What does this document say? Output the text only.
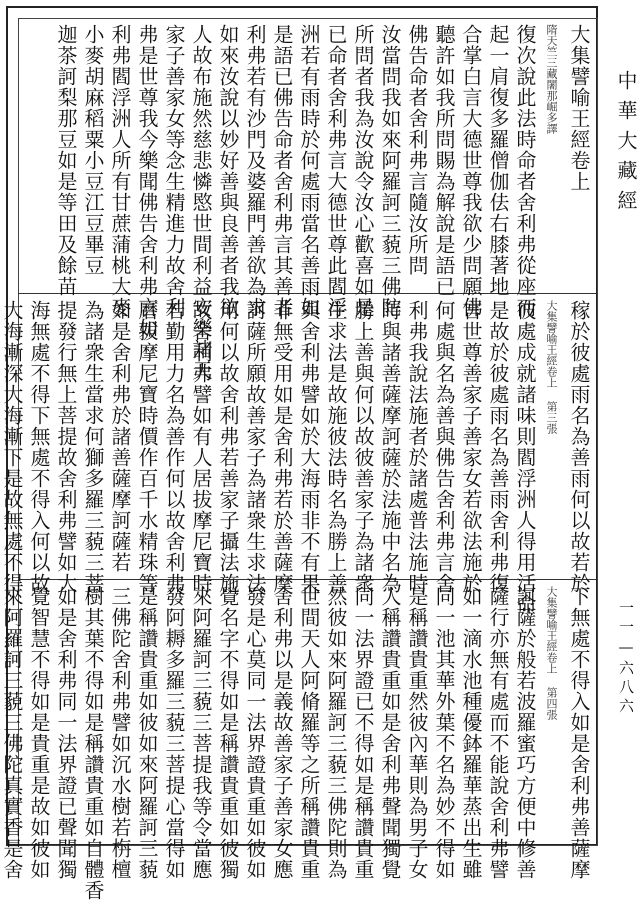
大集譬喻王經卷上
隋天竺三藏闍那崛多譯
復次說此法時命者舍利弗從座而
起一肩復多羅僧伽佉右膝著地
合掌白言大德世尊我欲少問願佛
聽許如我所問賜為解說是語已
佛告命者舍利弗言隨汝所問
汝當問我如來阿羅訶三藐三佛陀
所問者我為汝說令汝心歡喜如是
已命者舍利弗言大德世尊此閻浮
洲若有雨時於何處雨當名善雨如
是語已佛告命者舍利弗言其善者
利弗若有沙門及婆羅門善欲為求
如來汝說以妙好善與良善者我欲
人故布施然慈悲憐愍世間利益安樂諸天
家子善家女等念生精進力故舍利
弗是世尊我今樂聞佛告舍利弗言如
利弗閻浮洲人所有甘蔗蒲桃大麥
小麥胡麻稻粟小豆江豆畢豆
迦茶訶梨那豆如是等田及餘苗
稼於彼處雨名為善雨何以故若於
大集譬喻王經卷上 第三張
彼處成就諸味則閻浮洲人得用活命
是故於彼處雨名為善雨舍利弗復
言世尊善家子善家女若欲法施於
何處與名為善與佛告舍利弗言舍
利弗我說法施者於諸處普法施時
時與諸善薩摩訶薩於法施中名為
勝上善與何以故彼善家子為諸衆
生求法是故施彼法時名為勝上善
與舍利弗譬如於大海雨非不有果
非無受用如是舍利弗若於善薩摩
訶薩所願故善家子為諸衆生求法
用何以故舍利弗若善家子攝法施
故舍利弗譬如有人居拔摩尼寶時
若勤用力名為善作何以故舍利弗
磨拔摩尼寶時價作百千水精珠等
如是舍利弗於諸善薩摩訶薩若
為諸衆生當求何獅多羅三藐三菩
提發行無上菩提故舍利弗譬如大
海無處不得下無處不得入何以故
大海漸深大海漸下是故無處不得
下無處不得入如是舍利弗善薩摩
大集譬喻王經卷上 第四張
訶薩於般若波羅蜜巧方便中修善
薩行亦無有處而不能說舍利弗譬
如一滴水池種優鉢羅華蒸出生雖
同一池其華外葉不名為妙不得如
是稱讚貴重然彼內華則為男子女
人稱讚貴重如是舍利弗聲聞獨覺
同一法界證已不得如是稱讚貴重
然彼如來阿羅訶三藐三佛陀則為
世間天人阿脩羅等之所稱讚貴重
舍利弗以是義故善家子善家女應
發是心莫同一法界證貴重如彼如
覺名字不得如是稱讚貴重如彼獨
來阿羅訶三藐三菩提我等令當應
發阿耨多羅三藐三菩提心當得如
是稱讚貴重如彼如來阿羅訶三藐
三佛陀舍利弗譬如沉水樹若栴檀
樹其葉不得如是稱讚貴重如自體香
如是舍利弗同一法界證已聲聞獨
覺智慧不得如是貴重是故如彼如
來阿羅訶三藐三佛陀真實香是舍
中華大藏經
一一—六八六
